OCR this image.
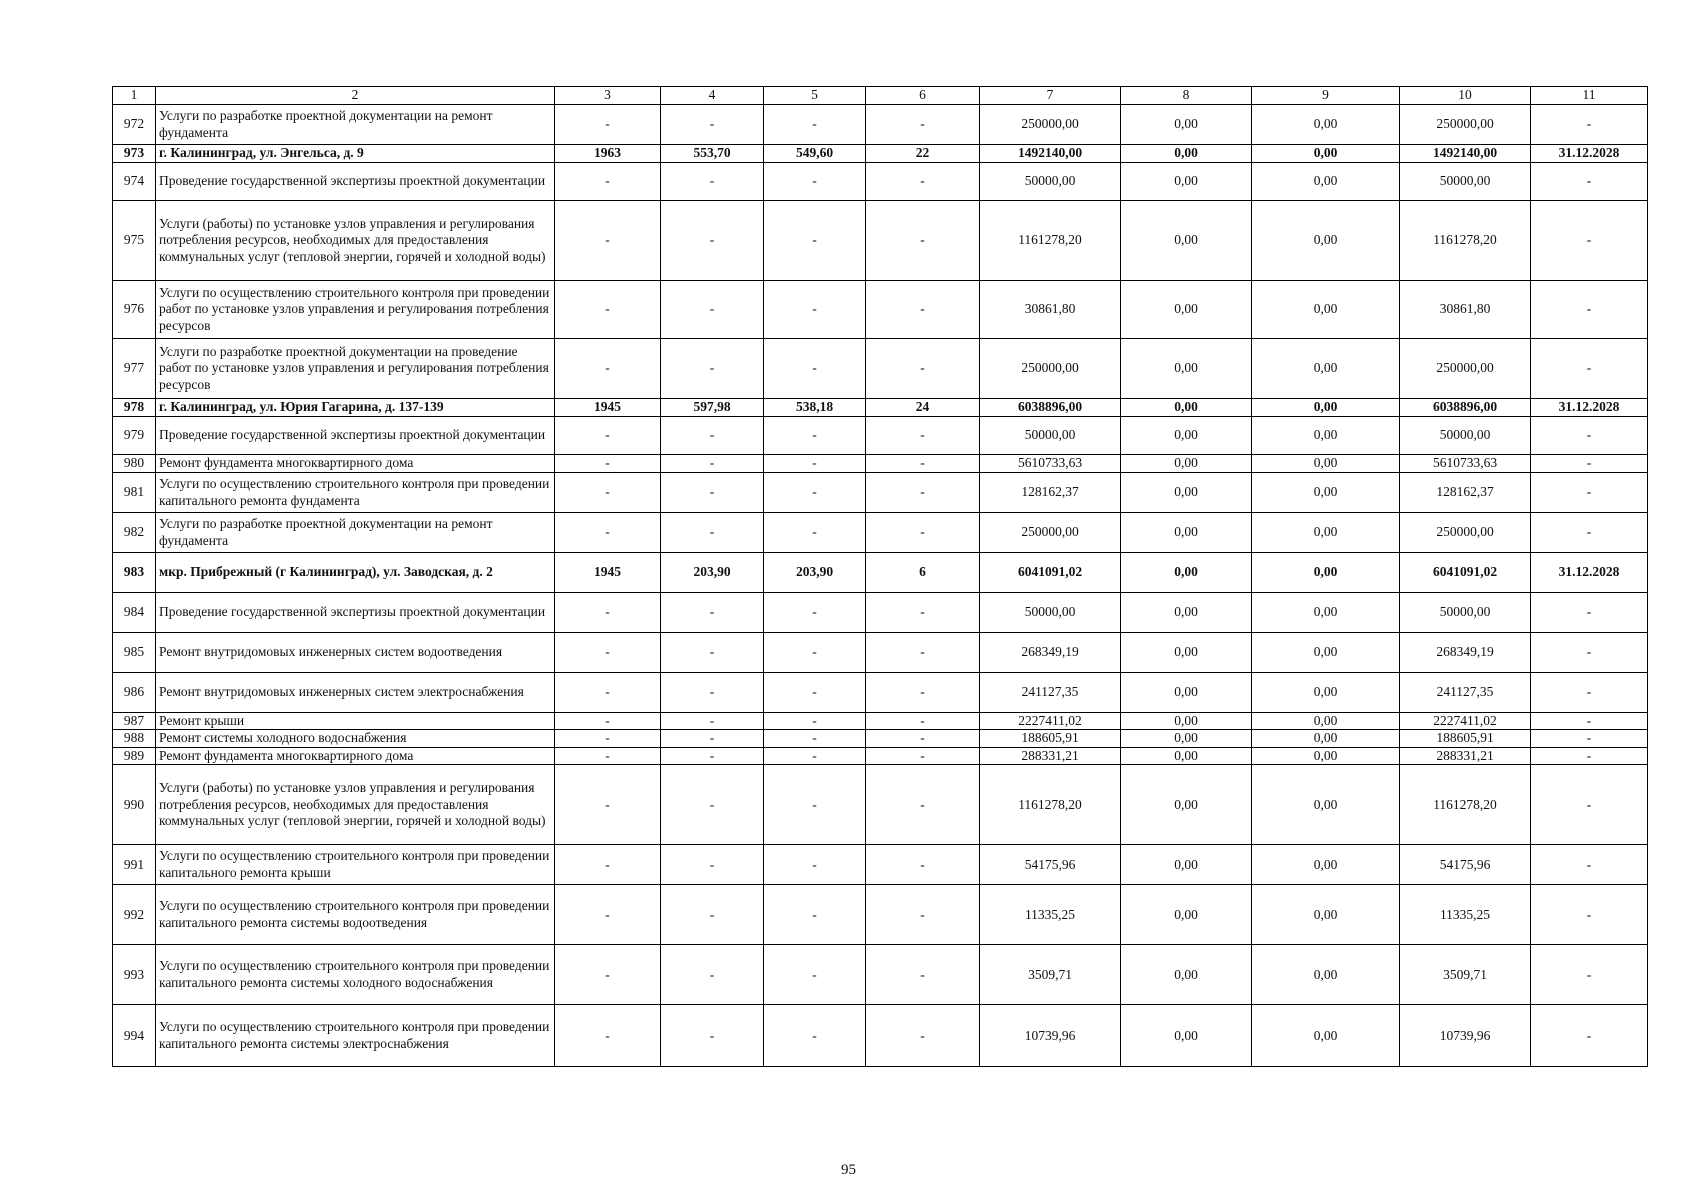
1	2	3	4	5	6	7	8	9	10	11
972	Услуги по разработке проектной документации на ремонт фундамента	-	-	-	-	250000,00	0,00	0,00	250000,00	-
973	г. Калининград, ул. Энгельса, д. 9	1963	553,70	549,60	22	1492140,00	0,00	0,00	1492140,00	31.12.2028
974	Проведение государственной экспертизы проектной документации	-	-	-	-	50000,00	0,00	0,00	50000,00	-
975	Услуги (работы) по установке узлов управления и регулирования потребления ресурсов, необходимых для предоставления коммунальных услуг (тепловой энергии, горячей и холодной воды)	-	-	-	-	1161278,20	0,00	0,00	1161278,20	-
976	Услуги по осуществлению строительного контроля при проведении работ по установке узлов управления и регулирования потребления ресурсов	-	-	-	-	30861,80	0,00	0,00	30861,80	-
977	Услуги по разработке проектной документации на проведение работ по установке узлов управления и регулирования потребления ресурсов	-	-	-	-	250000,00	0,00	0,00	250000,00	-
978	г. Калининград, ул. Юрия Гагарина, д. 137-139	1945	597,98	538,18	24	6038896,00	0,00	0,00	6038896,00	31.12.2028
979	Проведение государственной экспертизы проектной документации	-	-	-	-	50000,00	0,00	0,00	50000,00	-
980	Ремонт фундамента многоквартирного дома	-	-	-	-	5610733,63	0,00	0,00	5610733,63	-
981	Услуги по осуществлению строительного контроля при проведении капитального ремонта фундамента	-	-	-	-	128162,37	0,00	0,00	128162,37	-
982	Услуги по разработке проектной документации на ремонт фундамента	-	-	-	-	250000,00	0,00	0,00	250000,00	-
983	мкр. Прибрежный (г Калининград), ул. Заводская, д. 2	1945	203,90	203,90	6	6041091,02	0,00	0,00	6041091,02	31.12.2028
984	Проведение государственной экспертизы проектной документации	-	-	-	-	50000,00	0,00	0,00	50000,00	-
985	Ремонт внутридомовых инженерных систем водоотведения	-	-	-	-	268349,19	0,00	0,00	268349,19	-
986	Ремонт внутридомовых инженерных систем электроснабжения	-	-	-	-	241127,35	0,00	0,00	241127,35	-
987	Ремонт крыши	-	-	-	-	2227411,02	0,00	0,00	2227411,02	-
988	Ремонт системы холодного водоснабжения	-	-	-	-	188605,91	0,00	0,00	188605,91	-
989	Ремонт фундамента многоквартирного дома	-	-	-	-	288331,21	0,00	0,00	288331,21	-
990	Услуги (работы) по установке узлов управления и регулирования потребления ресурсов, необходимых для предоставления коммунальных услуг (тепловой энергии, горячей и холодной воды)	-	-	-	-	1161278,20	0,00	0,00	1161278,20	-
991	Услуги по осуществлению строительного контроля при проведении капитального ремонта крыши	-	-	-	-	54175,96	0,00	0,00	54175,96	-
992	Услуги по осуществлению строительного контроля при проведении капитального ремонта системы водоотведения	-	-	-	-	11335,25	0,00	0,00	11335,25	-
993	Услуги по осуществлению строительного контроля при проведении капитального ремонта системы холодного водоснабжения	-	-	-	-	3509,71	0,00	0,00	3509,71	-
994	Услуги по осуществлению строительного контроля при проведении капитального ремонта системы электроснабжения	-	-	-	-	10739,96	0,00	0,00	10739,96	-
95
